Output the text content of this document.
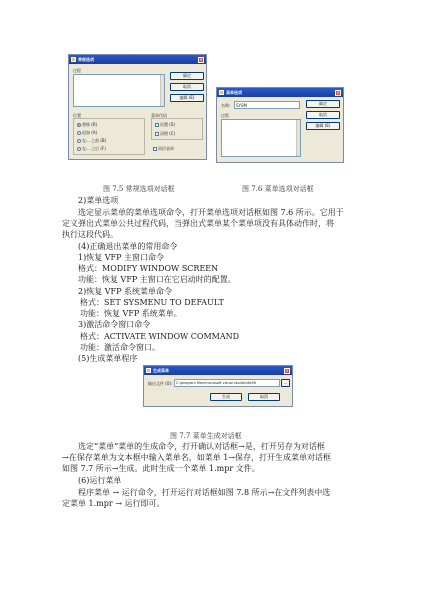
常规选项	×
过程
确定
取消
编辑 (E)
位置
替换 (R)
追加 (A)
在... 之前 (B)
在... 之后 (F)
菜单代码
设置 (S)
清理 (C)
顶层表单
图 7.5 常规选项对话框
菜单选项	×
名称: SYSM
过程
确定
取消
编辑 (E)
图 7.6 菜单选项对话框
2)菜单选项
选定显示菜单的菜单选项命令，打开菜单选项对话框如图 7.6 所示。它用于
定义弹出式菜单公共过程代码，当弹出式菜单某个菜单项没有具体动作时，将
执行这段代码。
(4)正确退出菜单的常用命令
1)恢复 VFP 主窗口命令
格式：MODIFY WINDOW SCREEN
功能：恢复 VFP 主窗口在它启动时的配置。
2)恢复 VFP 系统菜单命令
格式：SET SYSMENU TO DEFAULT
功能：恢复 VFP 系统菜单。
3)激活命令窗口命令
格式：ACTIVATE WINDOW COMMAND
功能：激活命令窗口。
(5)生成菜单程序
生成菜单	×
输出文件 (0): C:\program files\microsoft visual studio\vfp98	…
生成	取消
图 7.7 菜单生成对话框
选定“菜单”菜单的生成命令，打开确认对话框→是，打开另存为对话框
→在保存菜单为文本框中输入菜单名，如菜单 1→保存，打开生成菜单对话框
如图 7.7 所示→生成。此时生成一个菜单 1.mpr 文件。
(6)运行菜单
程序菜单 → 运行命令，打开运行对话框如图 7.8 所示→在文件列表中选
定菜单 1.mpr → 运行即可。
